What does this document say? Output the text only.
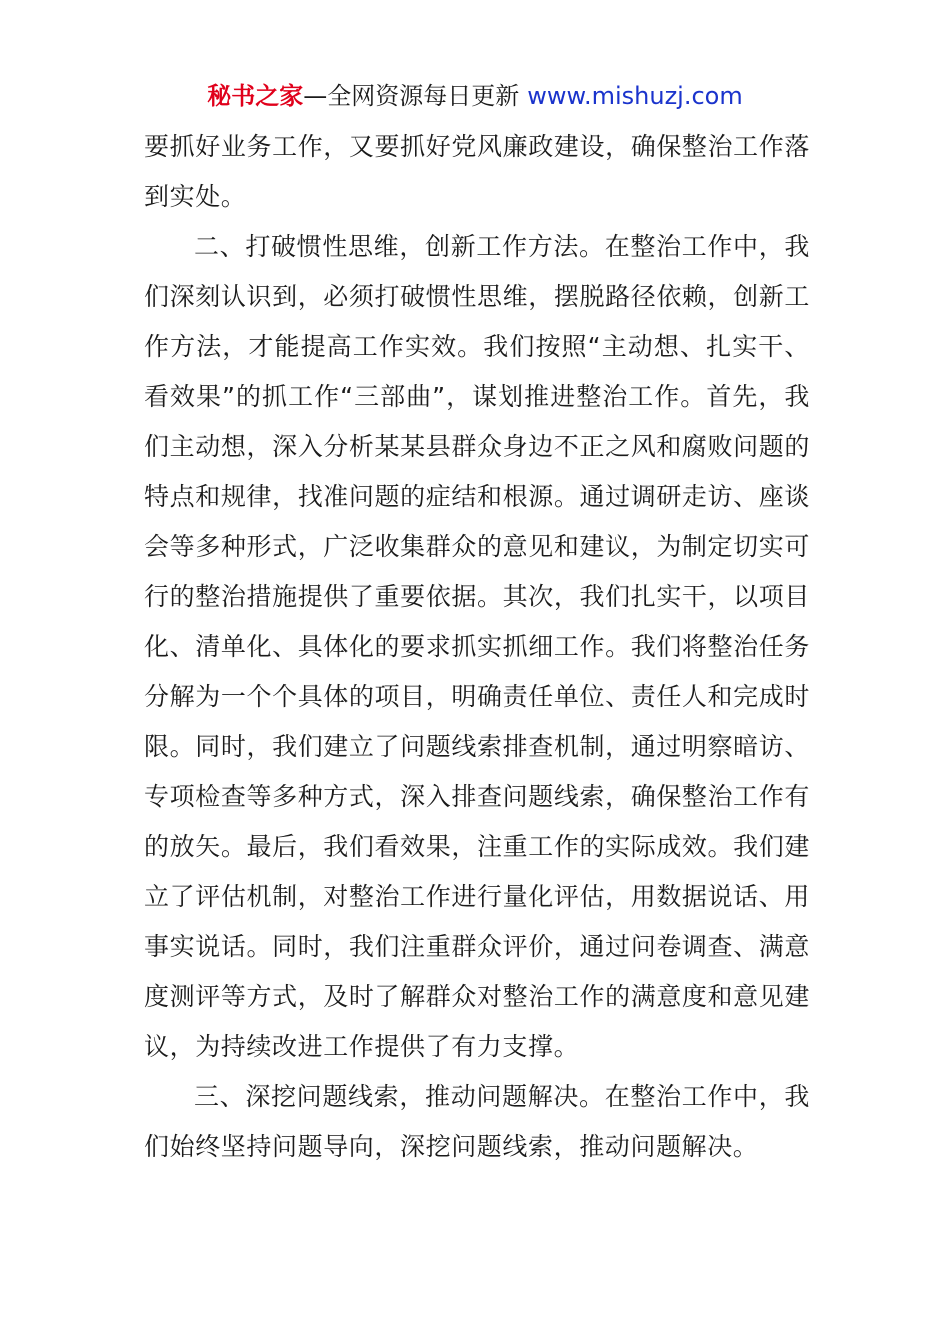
秘书之家—全网资源每日更新 www.mishuzj.com

要抓好业务工作，又要抓好党风廉政建设，确保整治工作落到实处。

二、打破惯性思维，创新工作方法。在整治工作中，我们深刻认识到，必须打破惯性思维，摆脱路径依赖，创新工作方法，才能提高工作实效。我们按照“主动想、扎实干、看效果”的抓工作“三部曲”，谋划推进整治工作。首先，我们主动想，深入分析某某县群众身边不正之风和腐败问题的特点和规律，找准问题的症结和根源。通过调研走访、座谈会等多种形式，广泛收集群众的意见和建议，为制定切实可行的整治措施提供了重要依据。其次，我们扎实干，以项目化、清单化、具体化的要求抓实抓细工作。我们将整治任务分解为一个个具体的项目，明确责任单位、责任人和完成时限。同时，我们建立了问题线索排查机制，通过明察暗访、专项检查等多种方式，深入排查问题线索，确保整治工作有的放矢。最后，我们看效果，注重工作的实际成效。我们建立了评估机制，对整治工作进行量化评估，用数据说话、用事实说话。同时，我们注重群众评价，通过问卷调查、满意度测评等方式，及时了解群众对整治工作的满意度和意见建议，为持续改进工作提供了有力支撑。

三、深挖问题线索，推动问题解决。在整治工作中，我们始终坚持问题导向，深挖问题线索，推动问题解决。
